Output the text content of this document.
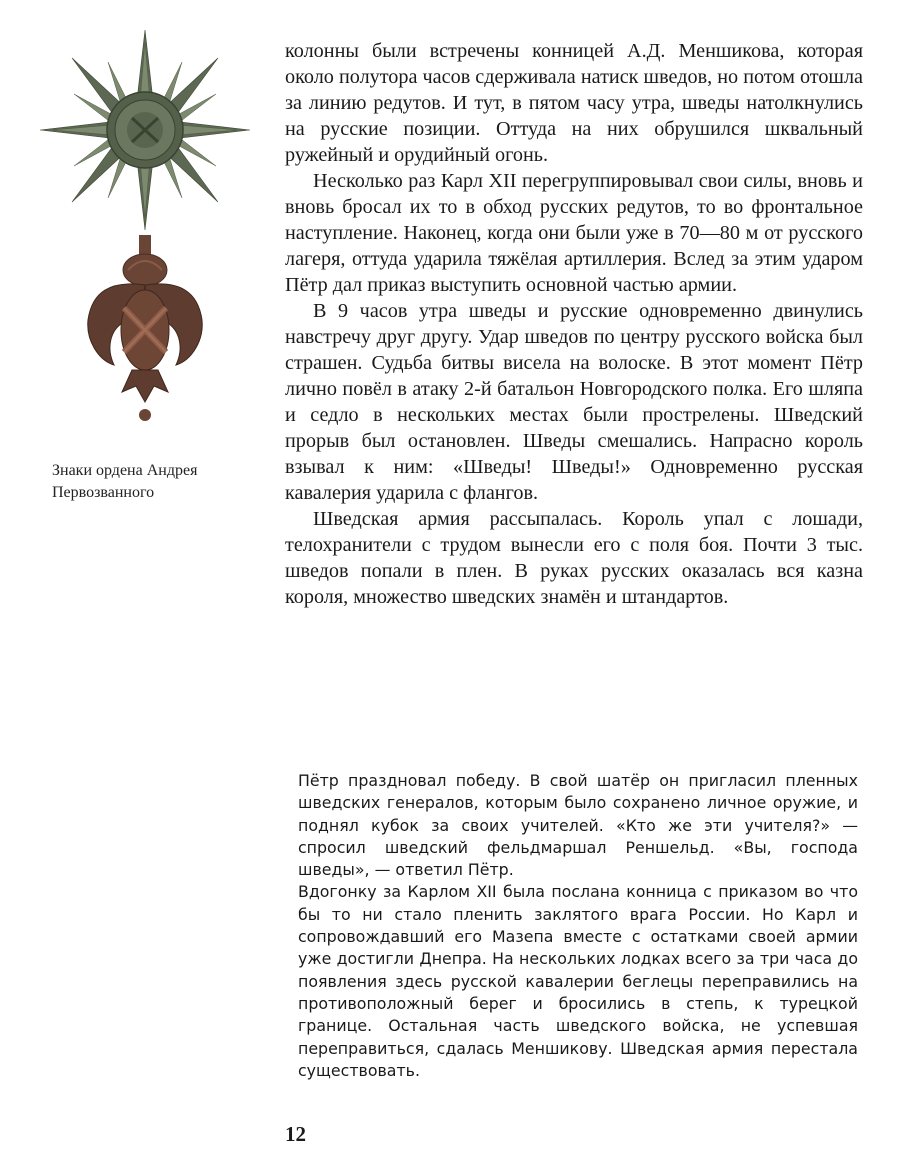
Знаки ордена Андрея
Первозванного

колонны были встречены конницей А.Д. Меншикова, которая около полутора часов сдерживала натиск шведов, но потом отошла за линию редутов. И тут, в пятом часу утра, шведы натолкнулись на русские позиции. Оттуда на них обрушился шквальный ружейный и орудийный огонь.

Несколько раз Карл XII перегруппировывал свои силы, вновь и вновь бросал их то в обход русских редутов, то во фронтальное наступление. Наконец, когда они были уже в 70—80 м от русского лагеря, оттуда ударила тяжёлая артиллерия. Вслед за этим ударом Пётр дал приказ выступить основной частью армии.

В 9 часов утра шведы и русские одновременно двинулись навстречу друг другу. Удар шведов по центру русского войска был страшен. Судьба битвы висела на волоске. В этот момент Пётр лично повёл в атаку 2-й батальон Новгородского полка. Его шляпа и седло в нескольких местах были прострелены. Шведский прорыв был остановлен. Шведы смешались. Напрасно король взывал к ним: «Шведы! Шведы!» Одновременно русская кавалерия ударила с флангов.

Шведская армия рассыпалась. Король упал с лошади, телохранители с трудом вынесли его с поля боя. Почти 3 тыс. шведов попали в плен. В руках русских оказалась вся казна короля, множество шведских знамён и штандартов.

Пётр праздновал победу. В свой шатёр он пригласил пленных шведских генералов, которым было сохранено личное оружие, и поднял кубок за своих учителей. «Кто же эти учителя?» — спросил шведский фельдмаршал Реншельд. «Вы, господа шведы», — ответил Пётр.

Вдогонку за Карлом XII была послана конница с приказом во что бы то ни стало пленить заклятого врага России. Но Карл и сопровождавший его Мазепа вместе с остатками своей армии уже достигли Днепра. На нескольких лодках всего за три часа до появления здесь русской кавалерии беглецы переправились на противоположный берег и бросились в степь, к турецкой границе. Остальная часть шведского войска, не успевшая переправиться, сдалась Меншикову. Шведская армия перестала существовать.

12
